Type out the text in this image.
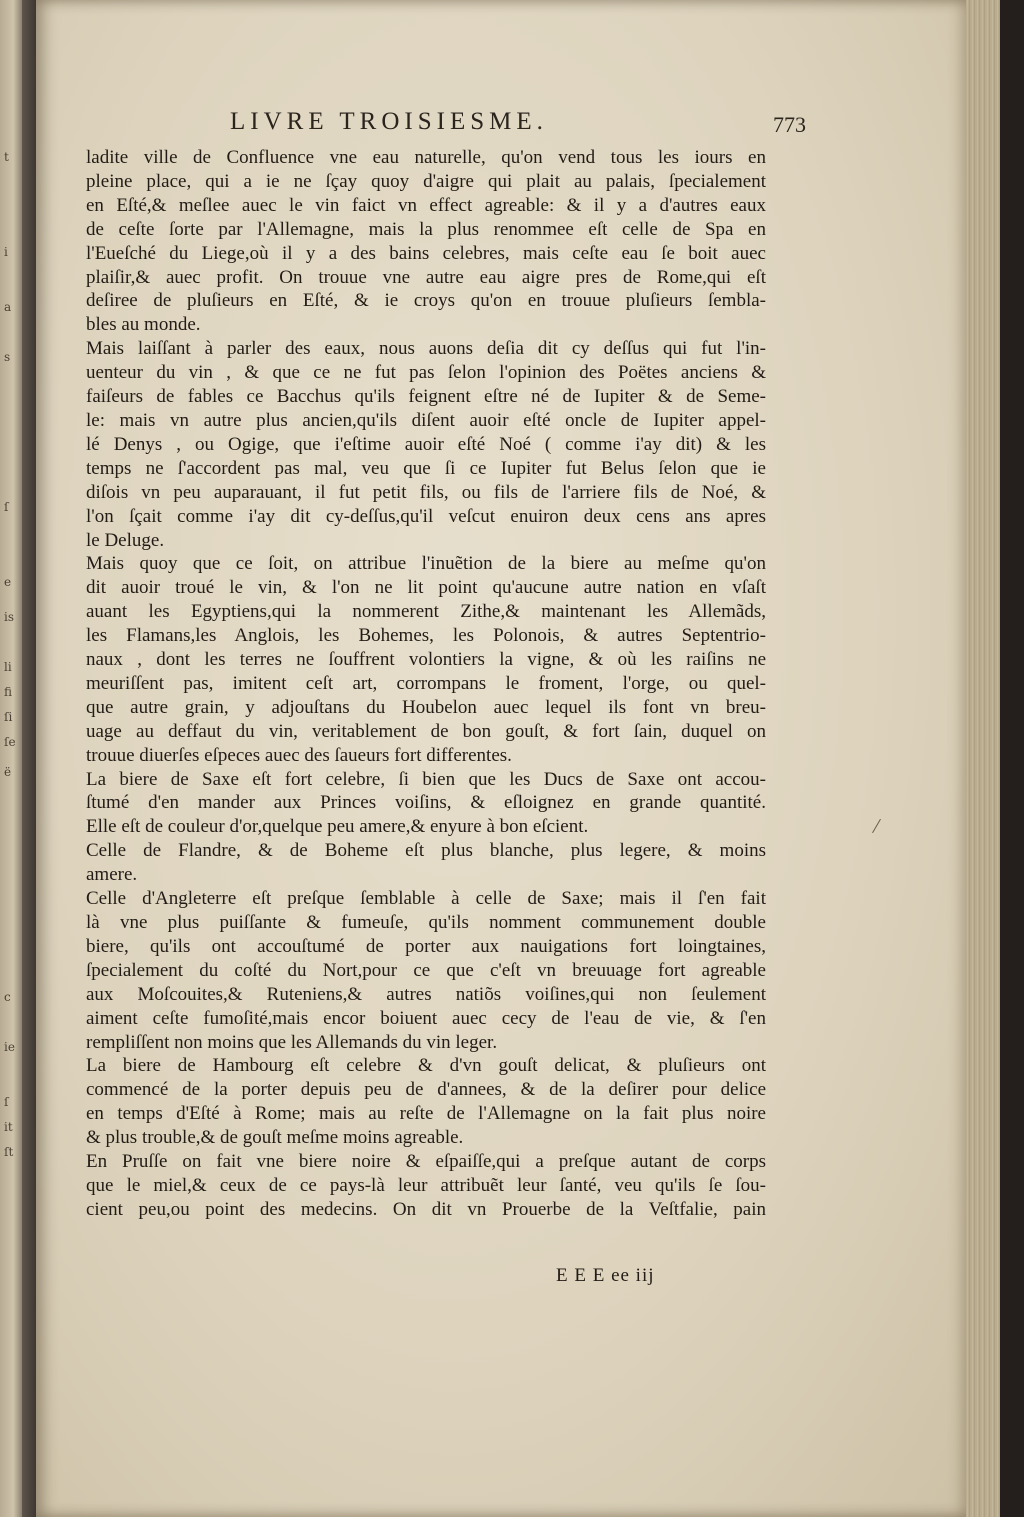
t
i
a
s
ſ
e
is
li
fi
ſi
ſe
ë
c
ie
ſ
it
ſt
LIVRE TROISIESME.	773
ladite ville de Confluence vne eau naturelle, qu'on vend tous les iours en
pleine place, qui a ie ne ſçay quoy d'aigre qui plait au palais, ſpecialement
en Eſté,& meſlee auec le vin faict vn effect agreable: & il y a d'autres eaux
de ceſte ſorte par l'Allemagne, mais la plus renommee eſt celle de Spa en
l'Eueſché du Liege,où il y a des bains celebres, mais ceſte eau ſe boit auec
plaiſir,& auec profit. On trouue vne autre eau aigre pres de Rome,qui eſt
deſiree de pluſieurs en Eſté, & ie croys qu'on en trouue pluſieurs ſembla-
bles au monde.
Mais laiſſant à parler des eaux, nous auons deſia dit cy deſſus qui fut l'in-
uenteur du vin , & que ce ne fut pas ſelon l'opinion des Poëtes anciens &
faiſeurs de fables ce Bacchus qu'ils feignent eſtre né de Iupiter & de Seme-
le: mais vn autre plus ancien,qu'ils diſent auoir eſté oncle de Iupiter appel-
lé Denys , ou Ogige, que i'eſtime auoir eſté Noé ( comme i'ay dit) & les
temps ne ſ'accordent pas mal, veu que ſi ce Iupiter fut Belus ſelon que ie
diſois vn peu auparauant, il fut petit fils, ou fils de l'arriere fils de Noé, &
l'on ſçait comme i'ay dit cy-deſſus,qu'il veſcut enuiron deux cens ans apres
le Deluge.
Mais quoy que ce ſoit, on attribue l'inuẽtion de la biere au meſme qu'on
dit auoir troué le vin, & l'on ne lit point qu'aucune autre nation en vſaſt
auant les Egyptiens,qui la nommerent Zithe,& maintenant les Allemãds,
les Flamans,les Anglois, les Bohemes, les Polonois, & autres Septentrio-
naux , dont les terres ne ſouffrent volontiers la vigne, & où les raiſins ne
meuriſſent pas, imitent ceſt art, corrompans le froment, l'orge, ou quel-
que autre grain, y adjouſtans du Houbelon auec lequel ils font vn breu-
uage au deffaut du vin, veritablement de bon gouſt, & fort ſain, duquel on
trouue diuerſes eſpeces auec des ſaueurs fort differentes.
La biere de Saxe eſt fort celebre, ſi bien que les Ducs de Saxe ont accou-
ſtumé d'en mander aux Princes voiſins, & eſloignez en grande quantité.
Elle eſt de couleur d'or,quelque peu amere,& enyure à bon eſcient.
Celle de Flandre, & de Boheme eſt plus blanche, plus legere, & moins
amere.
Celle d'Angleterre eſt preſque ſemblable à celle de Saxe; mais il ſ'en fait
là vne plus puiſſante & fumeuſe, qu'ils nomment communement double
biere, qu'ils ont accouſtumé de porter aux nauigations fort loingtaines,
ſpecialement du coſté du Nort,pour ce que c'eſt vn breuuage fort agreable
aux Moſcouites,& Ruteniens,& autres natiõs voiſines,qui non ſeulement
aiment ceſte fumoſité,mais encor boiuent auec cecy de l'eau de vie, & ſ'en
rempliſſent non moins que les Allemands du vin leger.
La biere de Hambourg eſt celebre & d'vn gouſt delicat, & pluſieurs ont
commencé de la porter depuis peu de d'annees, & de la deſirer pour delice
en temps d'Eſté à Rome; mais au reſte de l'Allemagne on la fait plus noire
& plus trouble,& de gouſt meſme moins agreable.
En Pruſſe on fait vne biere noire & eſpaiſſe,qui a preſque autant de corps
que le miel,& ceux de ce pays-là leur attribuẽt leur ſanté, veu qu'ils ſe ſou-
cient peu,ou point des medecins. On dit vn Prouerbe de la Veſtfalie, pain
E E E ee iij
